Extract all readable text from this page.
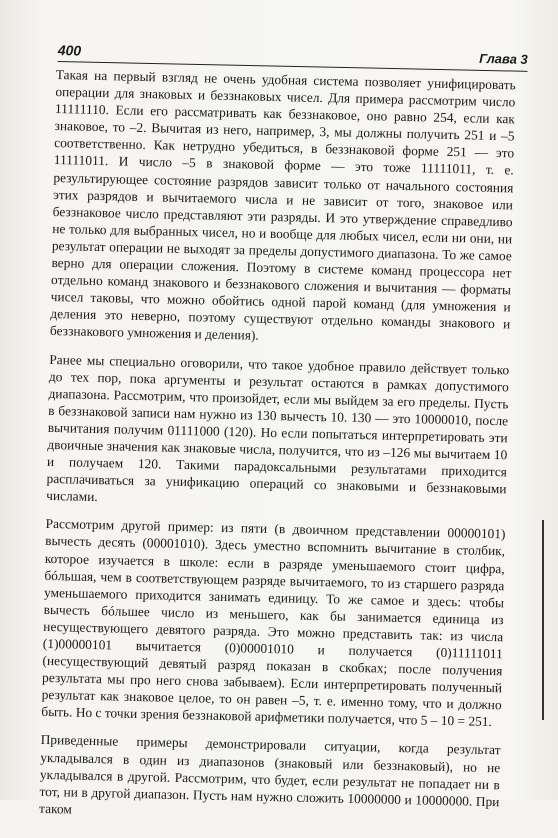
400
Глава 3

Такая на первый взгляд не очень удобная система позволяет унифицировать операции для знаковых и беззнаковых чисел. Для примера рассмотрим число 11111110. Если его рассматривать как беззнаковое, оно равно 254, если как знаковое, то –2. Вычитая из него, например, 3, мы должны получить 251 и –5 соответственно. Как нетрудно убедиться, в беззнаковой форме 251 — это 11111011. И число –5 в знаковой форме — это тоже 11111011, т. е. результирующее состояние разрядов зависит только от начального состояния этих разрядов и вычитаемого числа и не зависит от того, знаковое или беззнаковое число представляют эти разряды. И это утверждение справедливо не только для выбранных чисел, но и вообще для любых чисел, если ни они, ни результат операции не выходят за пределы допустимого диапазона. То же самое верно для операции сложения. Поэтому в системе команд процессора нет отдельно команд знакового и беззнакового сложения и вычитания — форматы чисел таковы, что можно обойтись одной парой команд (для умножения и деления это неверно, поэтому существуют отдельно команды знакового и беззнакового умножения и деления).

Ранее мы специально оговорили, что такое удобное правило действует только до тех пор, пока аргументы и результат остаются в рамках допустимого диапазона. Рассмотрим, что произойдет, если мы выйдем за его пределы. Пусть в беззнаковой записи нам нужно из 130 вычесть 10. 130 — это 10000010, после вычитания получим 01111000 (120). Но если попытаться интерпретировать эти двоичные значения как знаковые числа, получится, что из –126 мы вычитаем 10 и получаем 120. Такими парадоксальными результатами приходится расплачиваться за унификацию операций со знаковыми и беззнаковыми числами.

Рассмотрим другой пример: из пяти (в двоичном представлении 00000101) вычесть десять (00001010). Здесь уместно вспомнить вычитание в столбик, которое изучается в школе: если в разряде уменьшаемого стоит цифра, бóльшая, чем в соответствующем разряде вычитаемого, то из старшего разряда уменьшаемого приходится занимать единицу. То же самое и здесь: чтобы вычесть бóльшее число из меньшего, как бы занимается единица из несуществующего девятого разряда. Это можно представить так: из числа (1)00000101 вычитается (0)00001010 и получается (0)11111011 (несуществующий девятый разряд показан в скобках; после получения результата мы про него снова забываем). Если интерпретировать полученный результат как знаковое целое, то он равен –5, т. е. именно тому, что и должно быть. Но с точки зрения беззнаковой арифметики получается, что 5 – 10 = 251.

Приведенные примеры демонстрировали ситуации, когда результат укладывался в один из диапазонов (знаковый или беззнаковый), но не укладывался в другой. Рассмотрим, что будет, если результат не попадает ни в тот, ни в другой диапазон. Пусть нам нужно сложить 10000000 и 10000000. При таком
